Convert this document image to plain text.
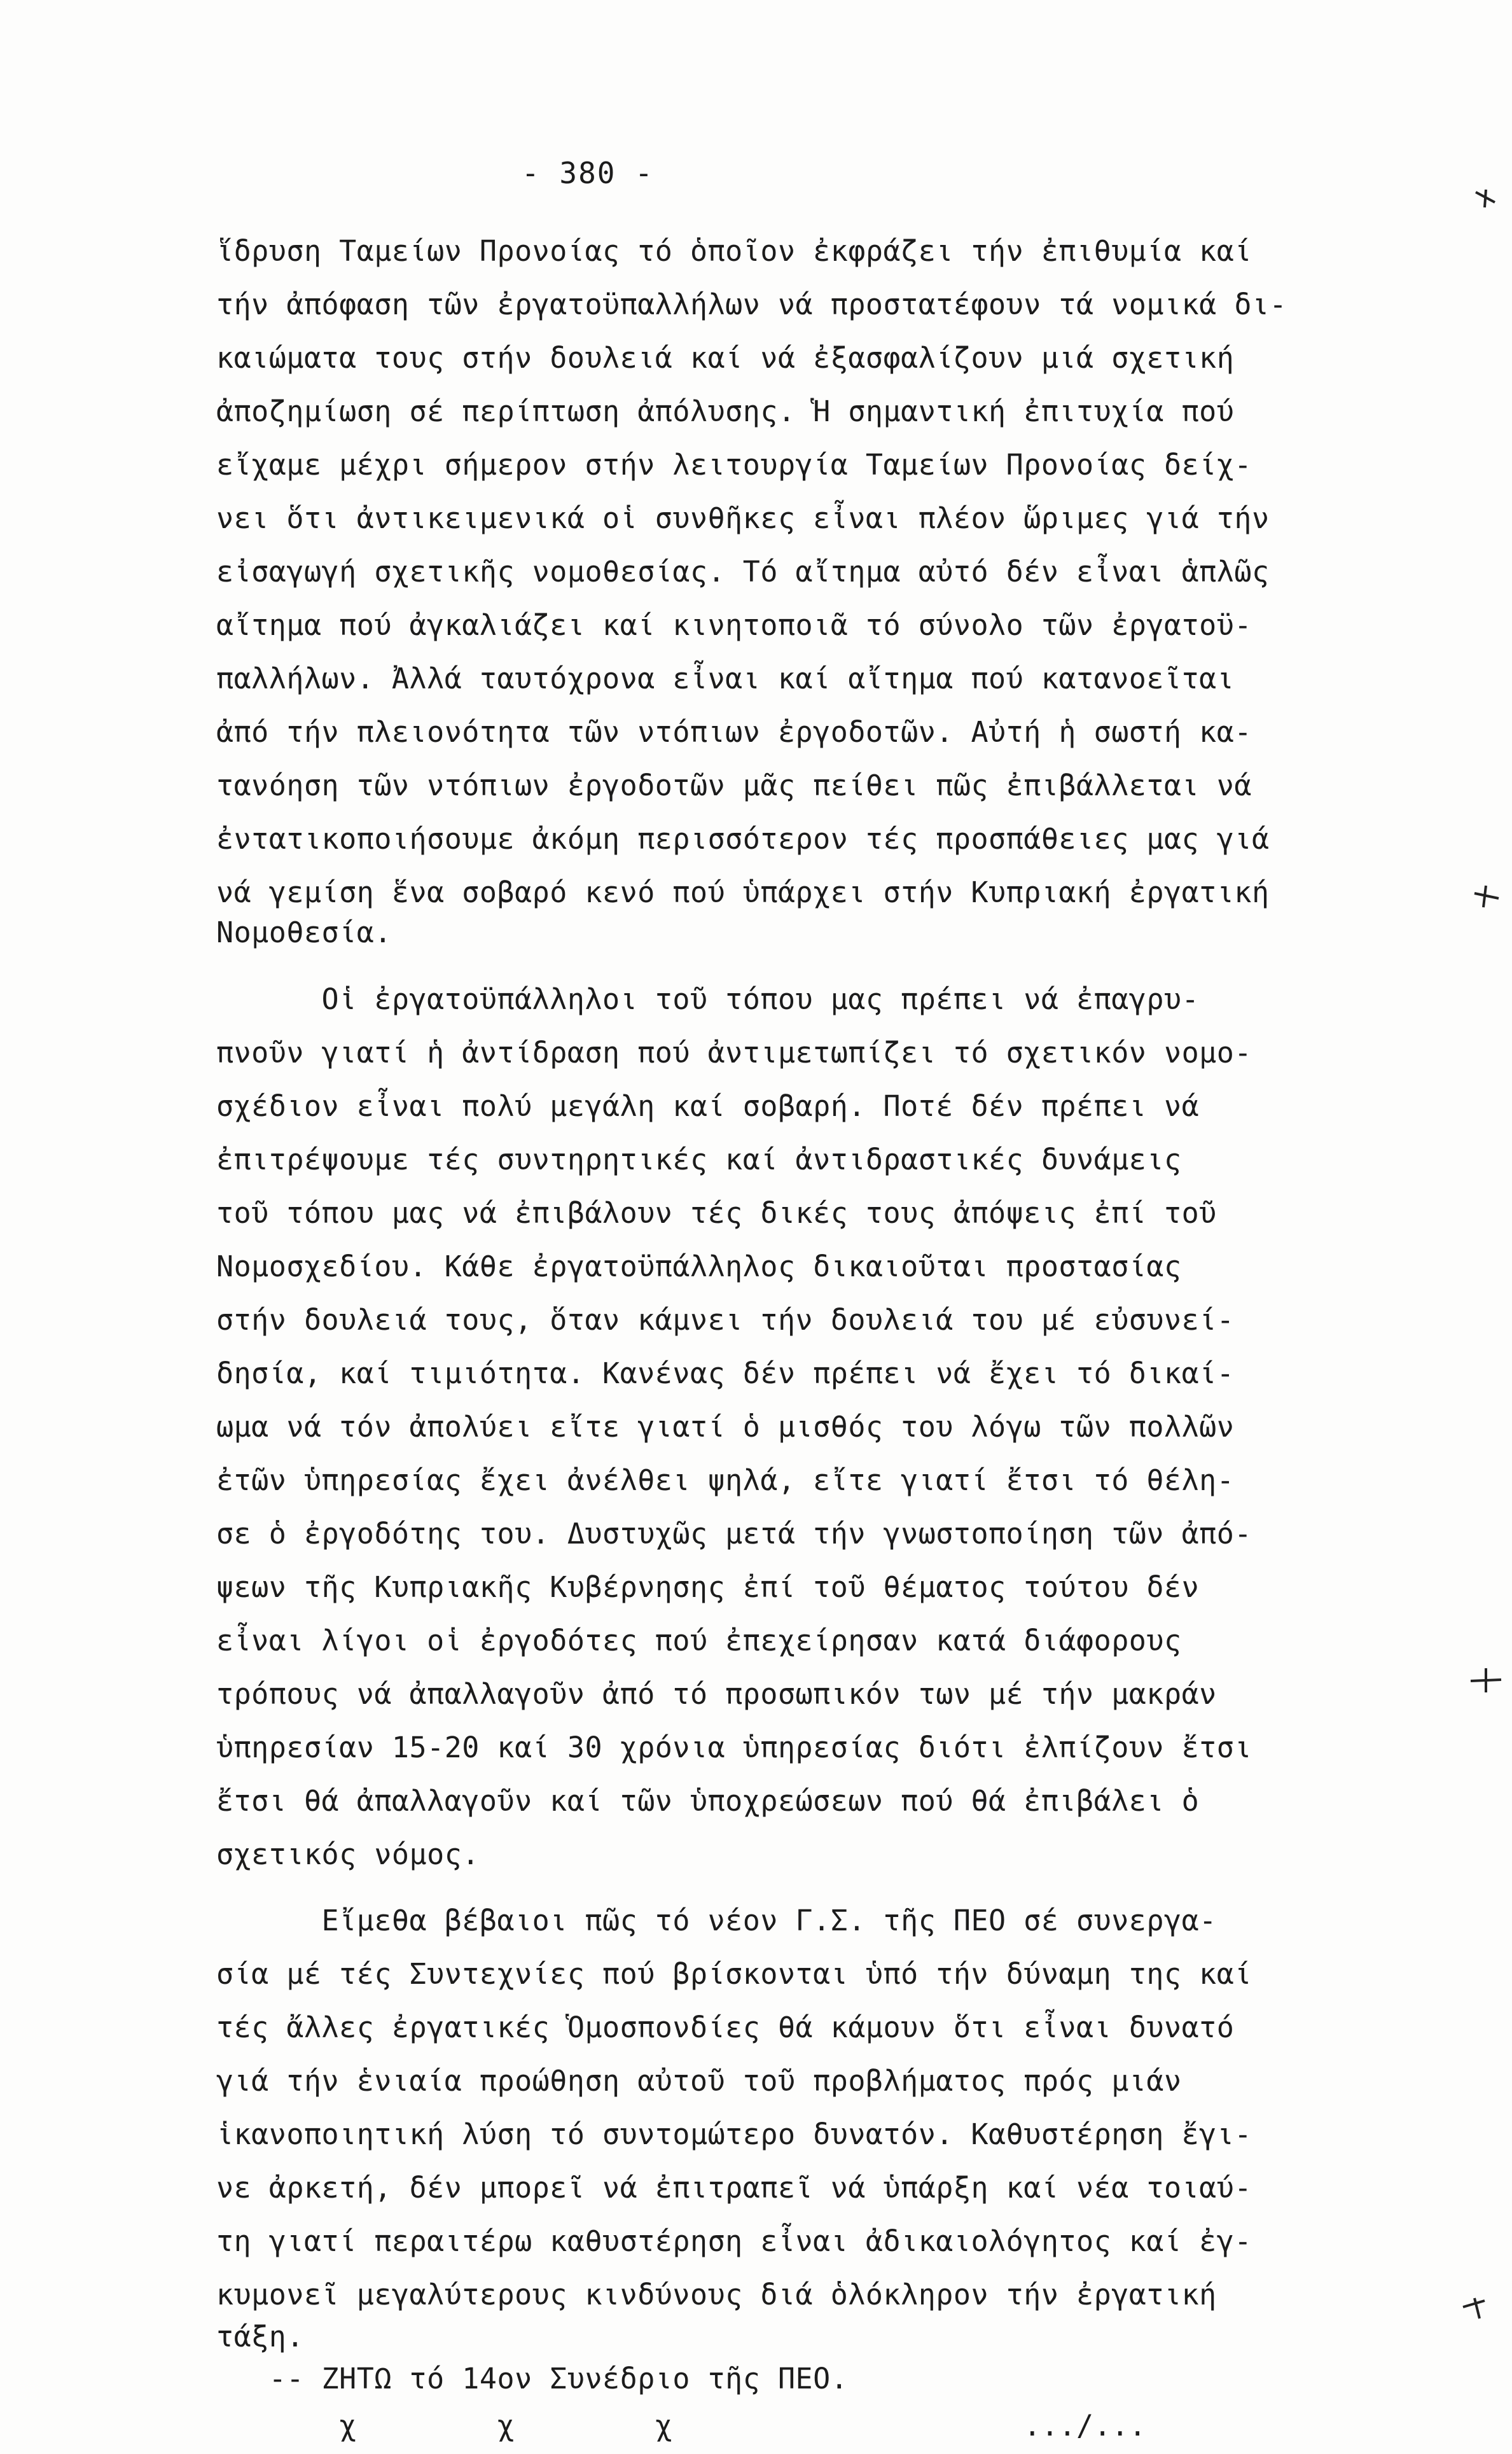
- 380 -
ἵδρυση Ταμείων Προνοίας τό ὁποῖον ἐκφράζει τήν ἐπιθυμία καί
τήν ἀπόφαση τῶν ἐργατοϋπαλλήλων νά προστατέφουν τά νομικά δι-
καιώματα τους στήν δουλειά καί νά ἐξασφαλίζουν μιά σχετική
ἀποζημίωση σέ περίπτωση ἀπόλυσης. Ἡ σημαντική ἐπιτυχία πού
εἴχαμε μέχρι σήμερον στήν λειτουργία Ταμείων Προνοίας δείχ-
νει ὅτι ἀντικειμενικά οἱ συνθῆκες εἶναι πλέον ὥριμες γιά τήν
εἰσαγωγή σχετικῆς νομοθεσίας. Τό αἴτημα αὐτό δέν εἶναι ἁπλῶς
αἴτημα πού ἀγκαλιάζει καί κινητοποιᾶ τό σύνολο τῶν ἐργατοϋ-
παλλήλων. Ἀλλά ταυτόχρονα εἶναι καί αἴτημα πού κατανοεῖται
ἀπό τήν πλειονότητα τῶν ντόπιων ἐργοδοτῶν. Αὐτή ἡ σωστή κα-
τανόηση τῶν ντόπιων ἐργοδοτῶν μᾶς πείθει πῶς ἐπιβάλλεται νά
ἐντατικοποιήσουμε ἀκόμη περισσότερον τές προσπάθειες μας γιά
νά γεμίση ἕνα σοβαρό κενό πού ὑπάρχει στήν Κυπριακή ἐργατική
Νομοθεσία.
Οἱ ἐργατοϋπάλληλοι τοῦ τόπου μας πρέπει νά ἐπαγρυ-
πνοῦν γιατί ἡ ἀντίδραση πού ἀντιμετωπίζει τό σχετικόν νομο-
σχέδιον εἶναι πολύ μεγάλη καί σοβαρή. Ποτέ δέν πρέπει νά
ἐπιτρέψουμε τές συντηρητικές καί ἀντιδραστικές δυνάμεις
τοῦ τόπου μας νά ἐπιβάλουν τές δικές τους ἀπόψεις ἐπί τοῦ
Νομοσχεδίου. Κάθε ἐργατοϋπάλληλος δικαιοῦται προστασίας
στήν δουλειά τους, ὅταν κάμνει τήν δουλειά του μέ εὐσυνεί-
δησία, καί τιμιότητα. Κανένας δέν πρέπει νά ἔχει τό δικαί-
ωμα νά τόν ἀπολύει εἴτε γιατί ὁ μισθός του λόγω τῶν πολλῶν
ἐτῶν ὑπηρεσίας ἔχει ἀνέλθει ψηλά, εἴτε γιατί ἔτσι τό θέλη-
σε ὁ ἐργοδότης του. Δυστυχῶς μετά τήν γνωστοποίηση τῶν ἀπό-
ψεων τῆς Κυπριακῆς Κυβέρνησης ἐπί τοῦ θέματος τούτου δέν
εἶναι λίγοι οἱ ἐργοδότες πού ἐπεχείρησαν κατά διάφορους
τρόπους νά ἀπαλλαγοῦν ἀπό τό προσωπικόν των μέ τήν μακράν
ὑπηρεσίαν 15-20 καί 30 χρόνια ὑπηρεσίας διότι ἐλπίζουν ἔτσι
ἔτσι θά ἀπαλλαγοῦν καί τῶν ὑποχρεώσεων πού θά ἐπιβάλει ὁ
σχετικός νόμος.
Εἴμεθα βέβαιοι πῶς τό νέον Γ.Σ. τῆς ΠΕΟ σέ συνεργα-
σία μέ τές Συντεχνίες πού βρίσκονται ὑπό τήν δύναμη της καί
τές ἄλλες ἐργατικές Ὁμοσπονδίες θά κάμουν ὅτι εἶναι δυνατό
γιά τήν ἑνιαία προώθηση αὐτοῦ τοῦ προβλήματος πρός μιάν
ἱκανοποιητική λύση τό συντομώτερο δυνατόν. Καθυστέρηση ἔγι-
νε ἀρκετή, δέν μπορεῖ νά ἐπιτραπεῖ νά ὑπάρξη καί νέα τοιαύ-
τη γιατί περαιτέρω καθυστέρηση εἶναι ἀδικαιολόγητος καί ἐγ-
κυμονεῖ μεγαλύτερους κινδύνους διά ὁλόκληρον τήν ἐργατική
τάξη.
-- ΖΗΤΩ τό 14ον Συνέδριο τῆς ΠΕΟ.
χ        χ        χ                    .../...
